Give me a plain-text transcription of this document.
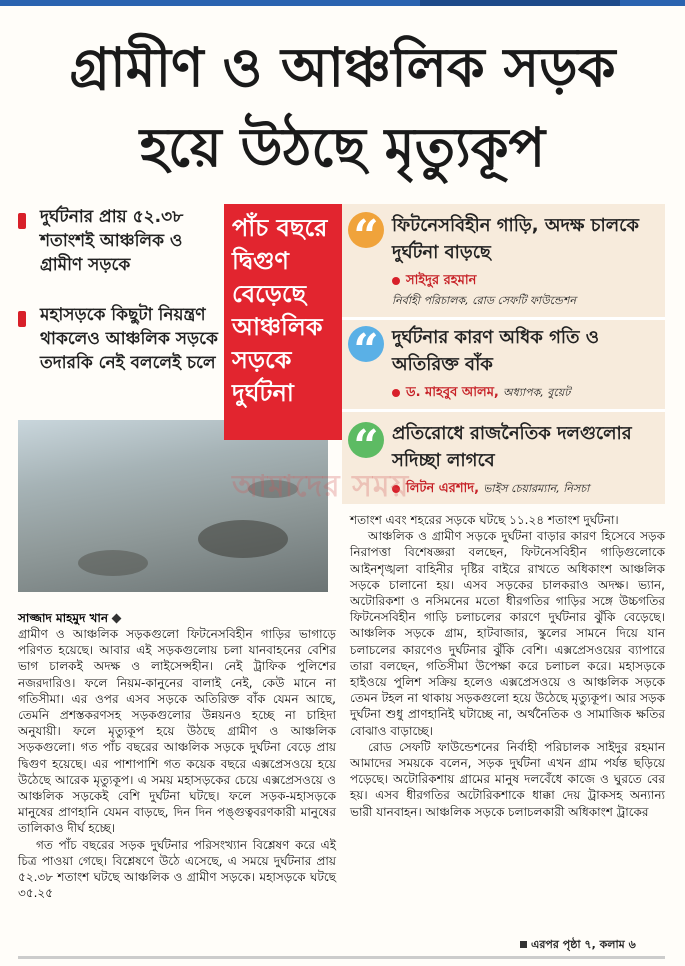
গ্রামীণ ও আঞ্চলিক সড়ক
হয়ে উঠছে মৃত্যুকূপ
দুর্ঘটনার প্রায় ৫২.৩৮ শতাংশই আঞ্চলিক ও গ্রামীণ সড়কে
মহাসড়কে কিছুটা নিয়ন্ত্রণ থাকলেও আঞ্চলিক সড়কে তদারকি নেই বললেই চলে
পাঁচ বছরে দ্বিগুণ বেড়েছে আঞ্চলিক সড়কে দুর্ঘটনা
“ ফিটনেসবিহীন গাড়ি, অদক্ষ চালকে দুর্ঘটনা বাড়ছে
সাইদুর রহমান
নির্বাহী পরিচালক, রোড সেফটি ফাউন্ডেশন
“ দুর্ঘটনার কারণ অধিক গতি ও অতিরিক্ত বাঁক
ড. মাহবুব আলম, অধ্যাপক, বুয়েট
“ প্রতিরোধে রাজনৈতিক দলগুলোর সদিচ্ছা লাগবে
লিটন এরশাদ, ভাইস চেয়ারম্যান, নিসচা
আমাদের সময়
সাজ্জাদ মাহমুদ খান

গ্রামীণ ও আঞ্চলিক সড়কগুলো ফিটনেসবিহীন গাড়ির ভাগাড়ে পরিণত হয়েছে। আবার এই সড়কগুলোয় চলা যানবাহনের বেশির ভাগ চালকই অদক্ষ ও লাইসেন্সহীন। নেই ট্রাফিক পুলিশের নজরদারিও। ফলে নিয়ম-কানুনের বালাই নেই, কেউ মানে না গতিসীমা। এর ওপর এসব সড়কে অতিরিক্ত বাঁক যেমন আছে, তেমনি প্রশস্তকরণসহ সড়কগুলোর উন্নয়নও হচ্ছে না চাহিদা অনুযায়ী। ফলে মৃত্যুকূপ হয়ে উঠছে গ্রামীণ ও আঞ্চলিক সড়কগুলো। গত পাঁচ বছরের আঞ্চলিক সড়কে দুর্ঘটনা বেড়ে প্রায় দ্বিগুণ হয়েছে। এর পাশাপাশি গত কয়েক বছরে এক্সপ্রেসওয়ে হয়ে উঠেছে আরেক মৃত্যুকূপ। এ সময় মহাসড়কের চেয়ে এক্সপ্রেসওয়ে ও আঞ্চলিক সড়কেই বেশি দুর্ঘটনা ঘটছে। ফলে সড়ক-মহাসড়কে মানুষের প্রাণহানি যেমন বাড়ছে, দিন দিন পঙ্গুত্ববরণকারী মানুষের তালিকাও দীর্ঘ হচ্ছে।

গত পাঁচ বছরের সড়ক দুর্ঘটনার পরিসংখ্যান বিশ্লেষণ করে এই চিত্র পাওয়া গেছে। বিশ্লেষণে উঠে এসেছে, এ সময়ে দুর্ঘটনার প্রায় ৫২.৩৮ শতাংশ ঘটছে আঞ্চলিক ও গ্রামীণ সড়কে। মহাসড়কে ঘটছে ৩৫.২৫

শতাংশ এবং শহরের সড়কে ঘটছে ১১.২৪ শতাংশ দুর্ঘটনা।

আঞ্চলিক ও গ্রামীণ সড়কে দুর্ঘটনা বাড়ার কারণ হিসেবে সড়ক নিরাপত্তা বিশেষজ্ঞরা বলছেন, ফিটনেসবিহীন গাড়িগুলোকে আইনশৃঙ্খলা বাহিনীর দৃষ্টির বাইরে রাখতে অধিকাংশ আঞ্চলিক সড়কে চালানো হয়। এসব সড়কের চালকরাও অদক্ষ। ভ্যান, অটোরিকশা ও নসিমনের মতো ধীরগতির গাড়ির সঙ্গে উচ্চগতির ফিটনেসবিহীন গাড়ি চলাচলের কারণে দুর্ঘটনার ঝুঁকি বেড়েছে। আঞ্চলিক সড়কে গ্রাম, হাটবাজার, স্কুলের সামনে দিয়ে যান চলাচলের কারণেও দুর্ঘটনার ঝুঁকি বেশি। এক্সপ্রেসওয়ের ব্যাপারে তারা বলছেন, গতিসীমা উপেক্ষা করে চলাচল করে। মহাসড়কে হাইওয়ে পুলিশ সক্রিয় হলেও এক্সপ্রেসওয়ে ও আঞ্চলিক সড়কে তেমন টহল না থাকায় সড়কগুলো হয়ে উঠেছে মৃত্যুকূপ। আর সড়ক দুর্ঘটনা শুধু প্রাণহানিই ঘটাচ্ছে না, অর্থনৈতিক ও সামাজিক ক্ষতির বোঝাও বাড়াচ্ছে।

রোড সেফটি ফাউন্ডেশনের নির্বাহী পরিচালক সাইদুর রহমান আমাদের সময়কে বলেন, সড়ক দুর্ঘটনা এখন গ্রাম পর্যন্ত ছড়িয়ে পড়েছে। অটোরিকশায় গ্রামের মানুষ দলবেঁধে কাজে ও ঘুরতে বের হয়। এসব ধীরগতির অটোরিকশাকে ধাক্কা দেয় ট্রাকসহ অন্যান্য ভারী যানবাহন। আঞ্চলিক সড়কে চলাচলকারী অধিকাংশ ট্রাকের

এরপর পৃষ্ঠা ৭, কলাম ৬
